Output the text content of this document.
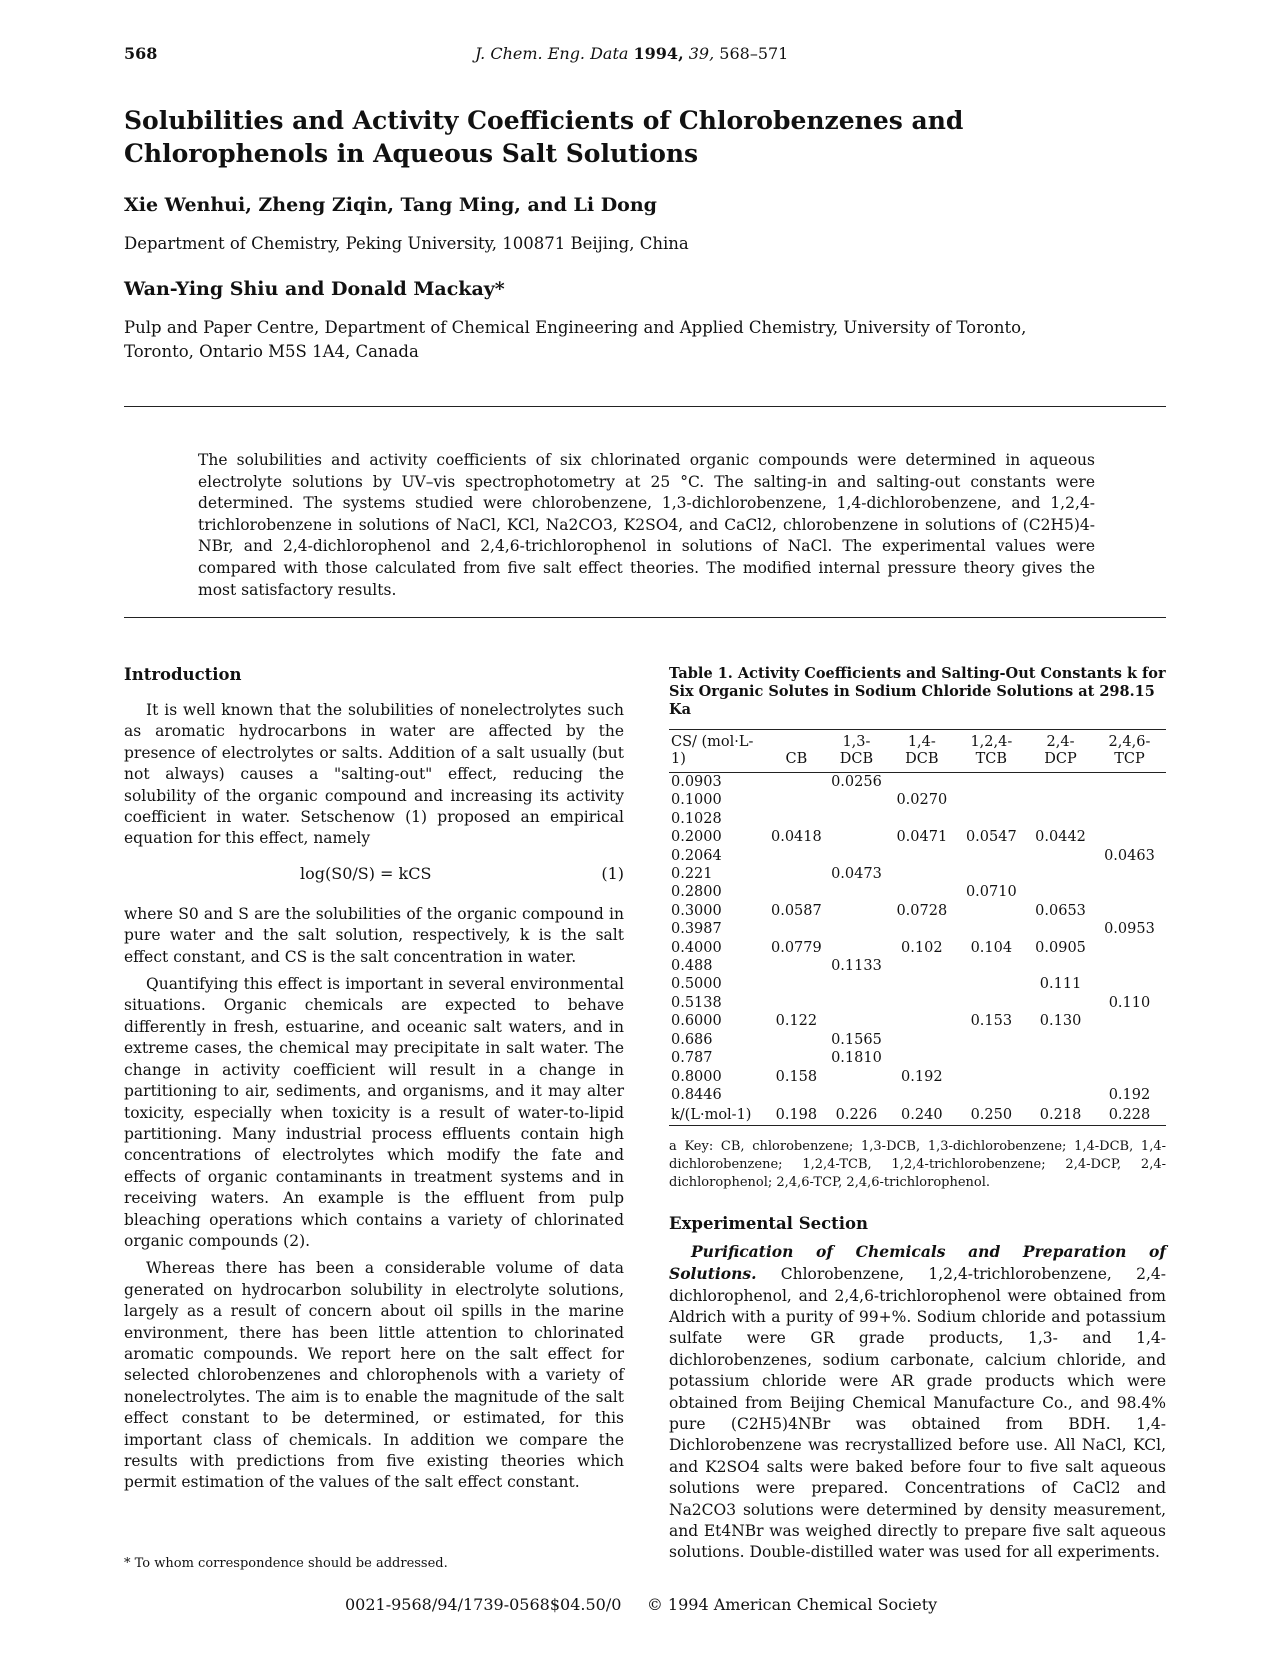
568	J. Chem. Eng. Data 1994, 39, 568–571
Solubilities and Activity Coefficients of Chlorobenzenes and Chlorophenols in Aqueous Salt Solutions
Xie Wenhui, Zheng Ziqin, Tang Ming, and Li Dong
Department of Chemistry, Peking University, 100871 Beijing, China
Wan-Ying Shiu and Donald Mackay*
Pulp and Paper Centre, Department of Chemical Engineering and Applied Chemistry, University of Toronto,
Toronto, Ontario M5S 1A4, Canada
The solubilities and activity coefficients of six chlorinated organic compounds were determined in aqueous electrolyte solutions by UV–vis spectrophotometry at 25 °C. The salting-in and salting-out constants were determined. The systems studied were chlorobenzene, 1,3-dichlorobenzene, 1,4-dichlorobenzene, and 1,2,4-trichlorobenzene in solutions of NaCl, KCl, Na2CO3, K2SO4, and CaCl2, chlorobenzene in solutions of (C2H5)4-NBr, and 2,4-dichlorophenol and 2,4,6-trichlorophenol in solutions of NaCl. The experimental values were compared with those calculated from five salt effect theories. The modified internal pressure theory gives the most satisfactory results.
Introduction

It is well known that the solubilities of nonelectrolytes such as aromatic hydrocarbons in water are affected by the presence of electrolytes or salts. Addition of a salt usually (but not always) causes a "salting-out" effect, reducing the solubility of the organic compound and increasing its activity coefficient in water. Setschenow (1) proposed an empirical equation for this effect, namely

log(S0/S) = kCS	(1)

where S0 and S are the solubilities of the organic compound in pure water and the salt solution, respectively, k is the salt effect constant, and CS is the salt concentration in water.

Quantifying this effect is important in several environmental situations. Organic chemicals are expected to behave differently in fresh, estuarine, and oceanic salt waters, and in extreme cases, the chemical may precipitate in salt water. The change in activity coefficient will result in a change in partitioning to air, sediments, and organisms, and it may alter toxicity, especially when toxicity is a result of water-to-lipid partitioning. Many industrial process effluents contain high concentrations of electrolytes which modify the fate and effects of organic contaminants in treatment systems and in receiving waters. An example is the effluent from pulp bleaching operations which contains a variety of chlorinated organic compounds (2).

Whereas there has been a considerable volume of data generated on hydrocarbon solubility in electrolyte solutions, largely as a result of concern about oil spills in the marine environment, there has been little attention to chlorinated aromatic compounds. We report here on the salt effect for selected chlorobenzenes and chlorophenols with a variety of nonelectrolytes. The aim is to enable the magnitude of the salt effect constant to be determined, or estimated, for this important class of chemicals. In addition we compare the results with predictions from five existing theories which permit estimation of the values of the salt effect constant.

* To whom correspondence should be addressed.

Table 1. Activity Coefficients and Salting-Out Constants k for Six Organic Solutes in Sodium Chloride Solutions at 298.15 Ka

CS/ (mol·L-1)	CB	1,3- DCB	1,4- DCB	1,2,4- TCB	2,4- DCP	2,4,6- TCP
0.0903		0.0256				
0.1000			0.0270			
0.1028						
0.2000	0.0418		0.0471	0.0547	0.0442	
0.2064						0.0463
0.221		0.0473				
0.2800				0.0710		
0.3000	0.0587		0.0728		0.0653	
0.3987						0.0953
0.4000	0.0779		0.102	0.104	0.0905	
0.488		0.1133				
0.5000					0.111	
0.5138						0.110
0.6000	0.122			0.153	0.130	
0.686		0.1565				
0.787		0.1810				
0.8000	0.158		0.192			
0.8446						0.192
k/(L·mol-1)	0.198	0.226	0.240	0.250	0.218	0.228

a Key: CB, chlorobenzene; 1,3-DCB, 1,3-dichlorobenzene; 1,4-DCB, 1,4-dichlorobenzene; 1,2,4-TCB, 1,2,4-trichlorobenzene; 2,4-DCP, 2,4-dichlorophenol; 2,4,6-TCP, 2,4,6-trichlorophenol.

Experimental Section

Purification of Chemicals and Preparation of Solutions. Chlorobenzene, 1,2,4-trichlorobenzene, 2,4-dichlorophenol, and 2,4,6-trichlorophenol were obtained from Aldrich with a purity of 99+%. Sodium chloride and potassium sulfate were GR grade products, 1,3- and 1,4-dichlorobenzenes, sodium carbonate, calcium chloride, and potassium chloride were AR grade products which were obtained from Beijing Chemical Manufacture Co., and 98.4% pure (C2H5)4NBr was obtained from BDH. 1,4-Dichlorobenzene was recrystallized before use. All NaCl, KCl, and K2SO4 salts were baked before four to five salt aqueous solutions were prepared. Concentrations of CaCl2 and Na2CO3 solutions were determined by density measurement, and Et4NBr was weighed directly to prepare five salt aqueous solutions. Double-distilled water was used for all experiments.

0021-9568/94/1739-0568$04.50/0 © 1994 American Chemical Society
